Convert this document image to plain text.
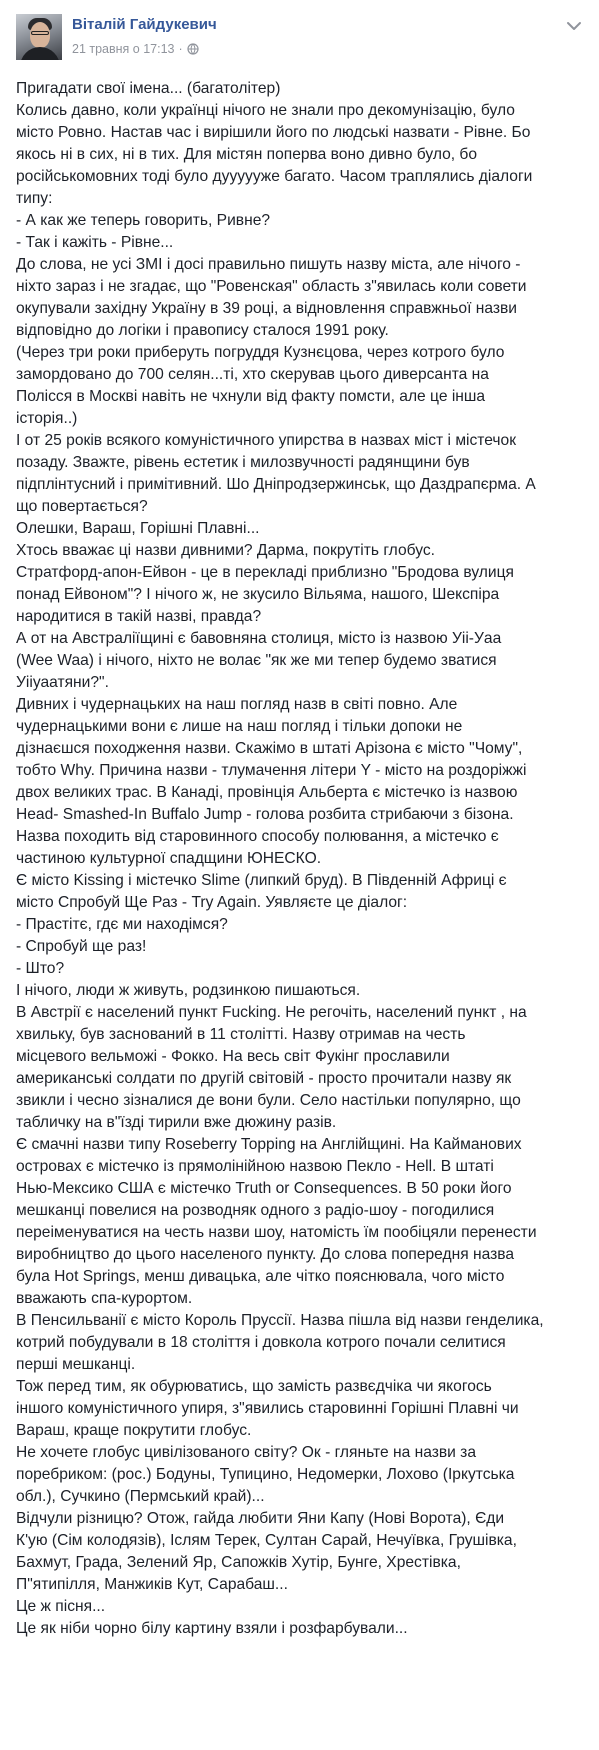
Віталій Гайдукевич
21 травня о 17:13 ·

Пригадати свої імена... (багатолітер)

Колись давно, коли українці нічого не знали про декомунізацію, було
місто Ровно. Настав час і вирішили його по людські назвати - Рівне. Бо
якось ні в сих, ні в тих. Для містян поперва воно дивно було, бо
російськомовних тоді було дуууууже багато. Часом траплялись діалоги
типу:
- А как же теперь говорить, Ривне?
- Так і кажіть - Рівне...
До слова, не усі ЗМІ і досі правильно пишуть назву міста, але нічого -
ніхто зараз і не згадає, що "Ровенская" область з"явилась коли совети
окупували західну Україну в 39 році, а відновлення справжньої назви
відповідно до логіки і правопису сталося 1991 року.
(Через три роки приберуть погруддя Кузнєцова, через котрого було
замордовано до 700 селян...ті, хто скерував цього диверсанта на
Полісся в Москві навіть не чхнули від факту помсти, але це інша
історія..)
І от 25 років всякого комуністичного упирства в назвах міст і містечок
позаду. Зважте, рівень естетик і милозвучності радянщини був
підплінтусний і примітивний. Шо Дніпродзержинськ, що Даздрапєрма. А
що повертається?
Олешки, Вараш, Горішні Плавні...
Хтось вважає ці назви дивними? Дарма, покрутіть глобус.
Стратфорд-апон-Ейвон - це в перекладі приблизно "Бродова вулиця
понад Ейвоном"? І нічого ж, не зкусило Вільяма, нашого, Шекспіра
народитися в такій назві, правда?
А от на Австраліїщині є бавовняна столиця, місто із назвою Уіі-Уаа
(Wee Waa) і нічого, ніхто не волає "як же ми тепер будемо зватися
Уііуаатяни?".
Дивних і чудернацьких на наш погляд назв в світі повно. Але
чудернацькими вони є лише на наш погляд і тільки допоки не
дізнаєшся походження назви. Скажімо в штаті Арізона є місто "Чому",
тобто Why. Причина назви - тлумачення літери Y - місто на роздоріжжі
двох великих трас. В Канаді, провінція Альберта є містечко із назвою
Head- Smashed-In Buffalo Jump - голова розбита стрибаючи з бізона.
Назва походить від старовинного способу полювання, а містечко є
частиною культурної спадщини ЮНЕСКО.
Є місто Kissing і містечко Slime (липкий бруд). В Південній Африці є
місто Спробуй Ще Раз - Try Again. Уявляєте це діалог:
- Прастітє, гдє ми находімся?
- Спробуй ще раз!
- Што?
І нічого, люди ж живуть, родзинкою пишаються.
В Австрії є населений пункт Fucking. Не регочіть, населений пункт , на
хвильку, був заснований в 11 столітті. Назву отримав на честь
місцевого вельможі - Фокко. На весь світ Фукінг прославили
американські солдати по другій світовій - просто прочитали назву як
звикли і чесно зізналися де вони були. Село настільки популярно, що
табличку на в"їзді тирили вже дюжину разів.
Є смачні назви типу Roseberry Topping на Англійщині. На Кайманових
островах є містечко із прямолінійною назвою Пекло - Hell. В штаті
Нью-Мексико США є містечко Truth or Consequences. В 50 роки його
мешканці повелися на розводняк одного з радіо-шоу - погодилися
переіменуватися на честь назви шоу, натомість їм пообіцяли перенести
виробництво до цього населеного пункту. До слова попередня назва
була Hot Springs, менш дивацька, але чітко пояснювала, чого місто
вважають спа-курортом.
В Пенсильванії є місто Король Пруссії. Назва пішла від назви генделика,
котрий побудували в 18 століття і довкола котрого почали селитися
перші мешканці.
Тож перед тим, як обурюватись, що замість развєдчіка чи якогось
іншого комуністичного упиря, з"явились старовинні Горішні Плавні чи
Вараш, краще покрутити глобус.
Не хочете глобус цивілізованого світу? Ок - гляньте на назви за
поребриком: (рос.) Бодуны, Тупицино, Недомерки, Лохово (Іркутська
обл.), Сучкино (Пермський край)...
Відчули різницю? Отож, гайда любити Яни Капу (Нові Ворота), Єди
К'ую (Сім колодязів), Іслям Терек, Султан Сарай, Нечуївка, Грушівка,
Бахмут, Града, Зелений Яр, Сапожків Хутір, Бунге, Хрестівка,
П"ятипілля, Манжиків Кут, Сарабаш...
Це ж пісня...
Це як ніби чорно білу картину взяли і розфарбували...
